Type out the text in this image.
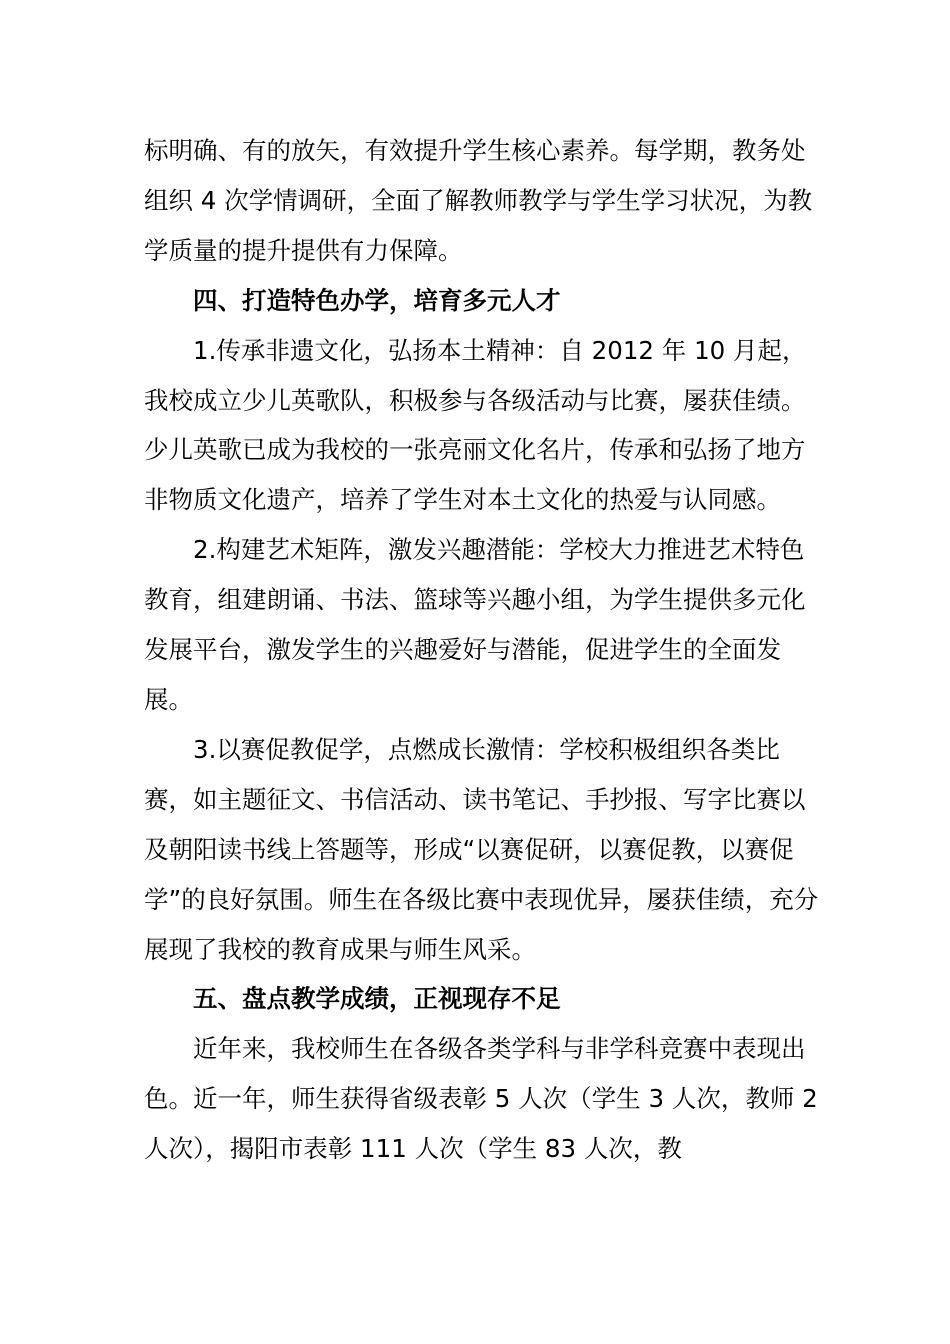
标明确、有的放矢，有效提升学生核心素养。每学期，教务处组织 4 次学情调研，全面了解教师教学与学生学习状况，为教学质量的提升提供有力保障。

四、打造特色办学，培育多元人才

1.传承非遗文化，弘扬本土精神：自 2012 年 10 月起，我校成立少儿英歌队，积极参与各级活动与比赛，屡获佳绩。少儿英歌已成为我校的一张亮丽文化名片，传承和弘扬了地方非物质文化遗产，培养了学生对本土文化的热爱与认同感。

2.构建艺术矩阵，激发兴趣潜能：学校大力推进艺术特色教育，组建朗诵、书法、篮球等兴趣小组，为学生提供多元化发展平台，激发学生的兴趣爱好与潜能，促进学生的全面发展。

3.以赛促教促学，点燃成长激情：学校积极组织各类比赛，如主题征文、书信活动、读书笔记、手抄报、写字比赛以及朝阳读书线上答题等，形成“以赛促研，以赛促教，以赛促学”的良好氛围。师生在各级比赛中表现优异，屡获佳绩，充分展现了我校的教育成果与师生风采。

五、盘点教学成绩，正视现存不足

近年来，我校师生在各级各类学科与非学科竞赛中表现出色。近一年，师生获得省级表彰 5 人次（学生 3 人次，教师 2 人次），揭阳市表彰 111 人次（学生 83 人次，教
